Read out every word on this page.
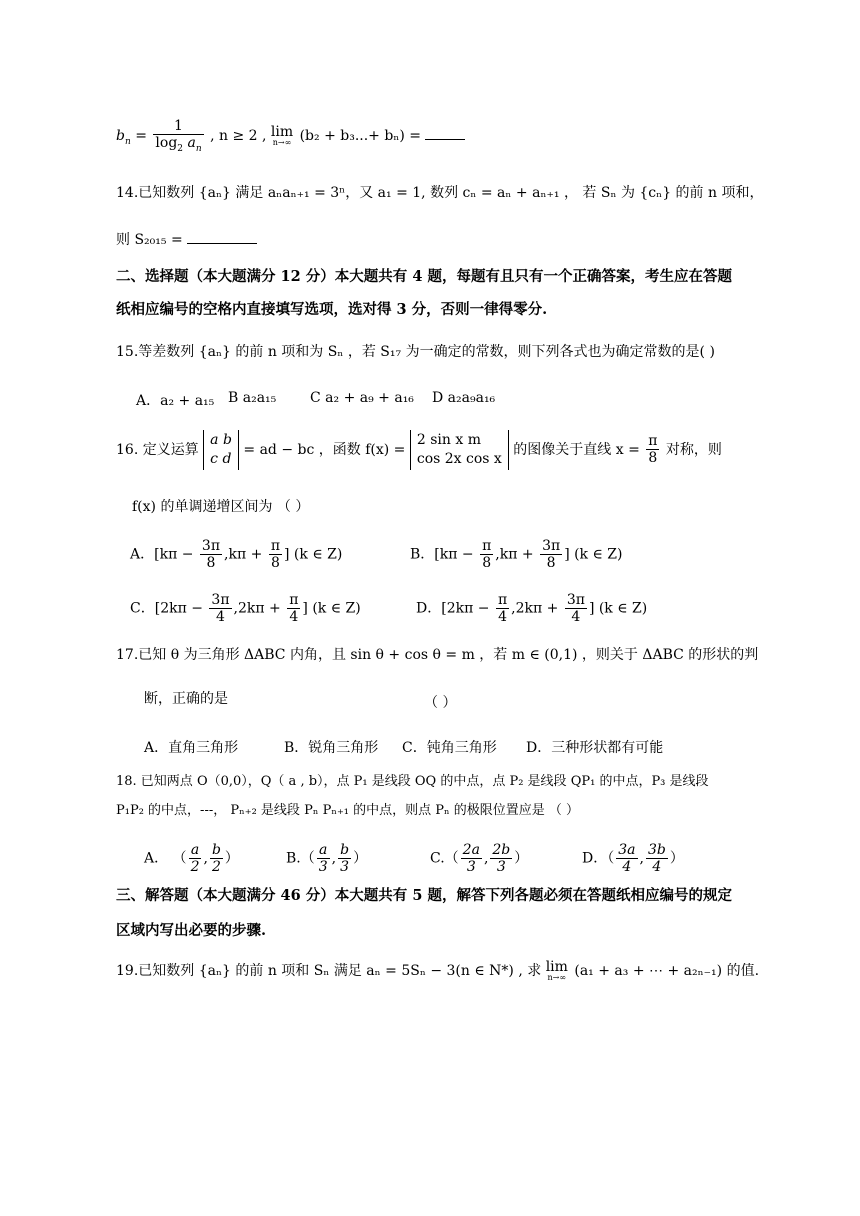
$b_n = \frac{1}{\log_2 a_n}$ , n ≥ 2 , lim
n→∞ (b₂ + b₃...+ bₙ) =
14.已知数列 {aₙ} 满足 aₙaₙ₊₁ = 3ⁿ，又 a₁ = 1, 数列 cₙ = aₙ + aₙ₊₁ ， 若 Sₙ 为 {cₙ} 的前 n 项和，
则 S₂₀₁₅ =
二、选择题（本大题满分 12 分）本大题共有 4 题，每题有且只有一个正确答案，考生应在答题
纸相应编号的空格内直接填写选项，选对得 3 分，否则一律得零分.
15.等差数列 {aₙ} 的前 n 项和为 Sₙ ，若 S₁₇ 为一确定的常数，则下列各式也为确定常数的是( )
A．a₂ + a₁₅ B a₂a₁₅ C a₂ + a₉ + a₁₆ D a₂a₉a₁₆
16. 定义运算
a b
c d
= ad − bc ，函数 f(x) =
2 sin x m
cos 2x cos x
的图像关于直线 $x = \frac{\pi}{8}$ 对称，则
f(x) 的单调递增区间为 （ ）
A．[$k\pi - \frac{3\pi}{8} ,k\pi + \frac{\pi}{8}$ ] (k ∈ Z)	B．[$k\pi - \frac{\pi}{8} ,k\pi + \frac{3\pi}{8}$ ] (k ∈ Z)
C．[$2k\pi - \frac{3\pi}{4} ,2k\pi + \frac{\pi}{4}$ ] (k ∈ Z)	D．[$2k\pi - \frac{\pi}{4} ,2k\pi + \frac{3\pi}{4}$ ] (k ∈ Z)
17.已知 θ 为三角形 ΔABC 内角，且 sin θ + cos θ = m ，若 m ∈ (0,1) ，则关于 ΔABC 的形状的判
断，正确的是	（ ）
A．直角三角形	B．锐角三角形 C．钝角三角形 D．三种形状都有可能
18. 已知两点 O（0,0），Q（ a , b），点 P₁ 是线段 OQ 的中点，点 P₂ 是线段 QP₁ 的中点，P₃ 是线段
P₁P₂ 的中点，---， Pₙ₊₂ 是线段 Pₙ Pₙ₊₁ 的中点，则点 Pₙ 的极限位置应是 （ ）
A． （ $\frac{a}{2}$ , $\frac{b}{2}$ ）	$B.( \frac{a}{3}$ , $\frac{b}{3}$ ）	$C.( \frac{2a}{3}$ , $\frac{2b}{3}$ ）	D．（ $\frac{3a}{4}$ , $\frac{3b}{4}$ ）
三、解答题（本大题满分 46 分）本大题共有 5 题，解答下列各题必须在答题纸相应编号的规定
区域内写出必要的步骤.
19.已知数列 {aₙ} 的前 n 项和 Sₙ 满足 aₙ = 5Sₙ − 3(n ∈ N*) , 求 lim
n→∞ (a₁ + a₃ + ⋯ + a₂ₙ₋₁) 的值.
